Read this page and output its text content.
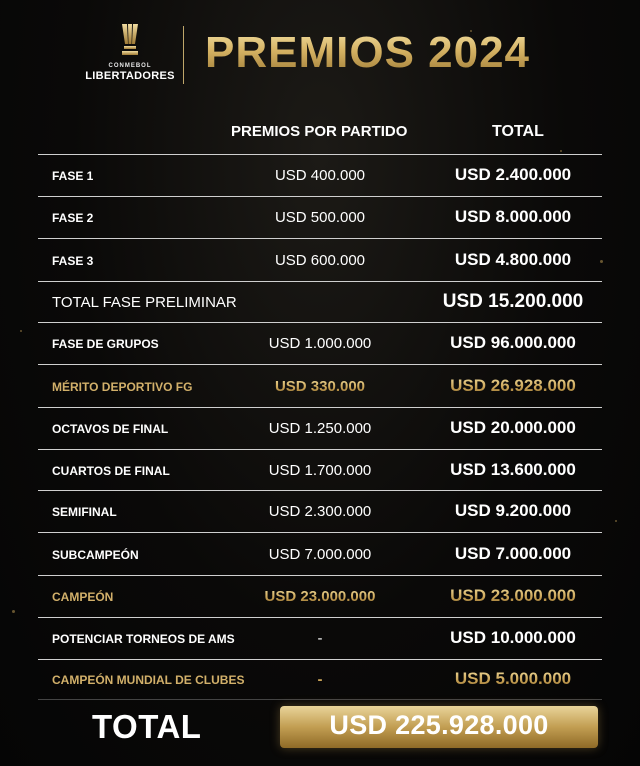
CONMEBOL
LIBERTADORES PREMIOS 2024
PREMIOS POR PARTIDO	TOTAL
FASE 1	USD 400.000	USD 2.400.000
FASE 2	USD 500.000	USD 8.000.000
FASE 3	USD 600.000	USD 4.800.000
TOTAL FASE PRELIMINAR	USD 15.200.000
FASE DE GRUPOS	USD 1.000.000	USD 96.000.000
MÉRITO DEPORTIVO FG	USD 330.000	USD 26.928.000
OCTAVOS DE FINAL	USD 1.250.000	USD 20.000.000
CUARTOS DE FINAL	USD 1.700.000	USD 13.600.000
SEMIFINAL	USD 2.300.000	USD 9.200.000
SUBCAMPEÓN	USD 7.000.000	USD 7.000.000
CAMPEÓN	USD 23.000.000	USD 23.000.000
POTENCIAR TORNEOS DE AMS	-	USD 10.000.000
CAMPEÓN MUNDIAL DE CLUBES	-	USD 5.000.000
TOTAL	USD 225.928.000
